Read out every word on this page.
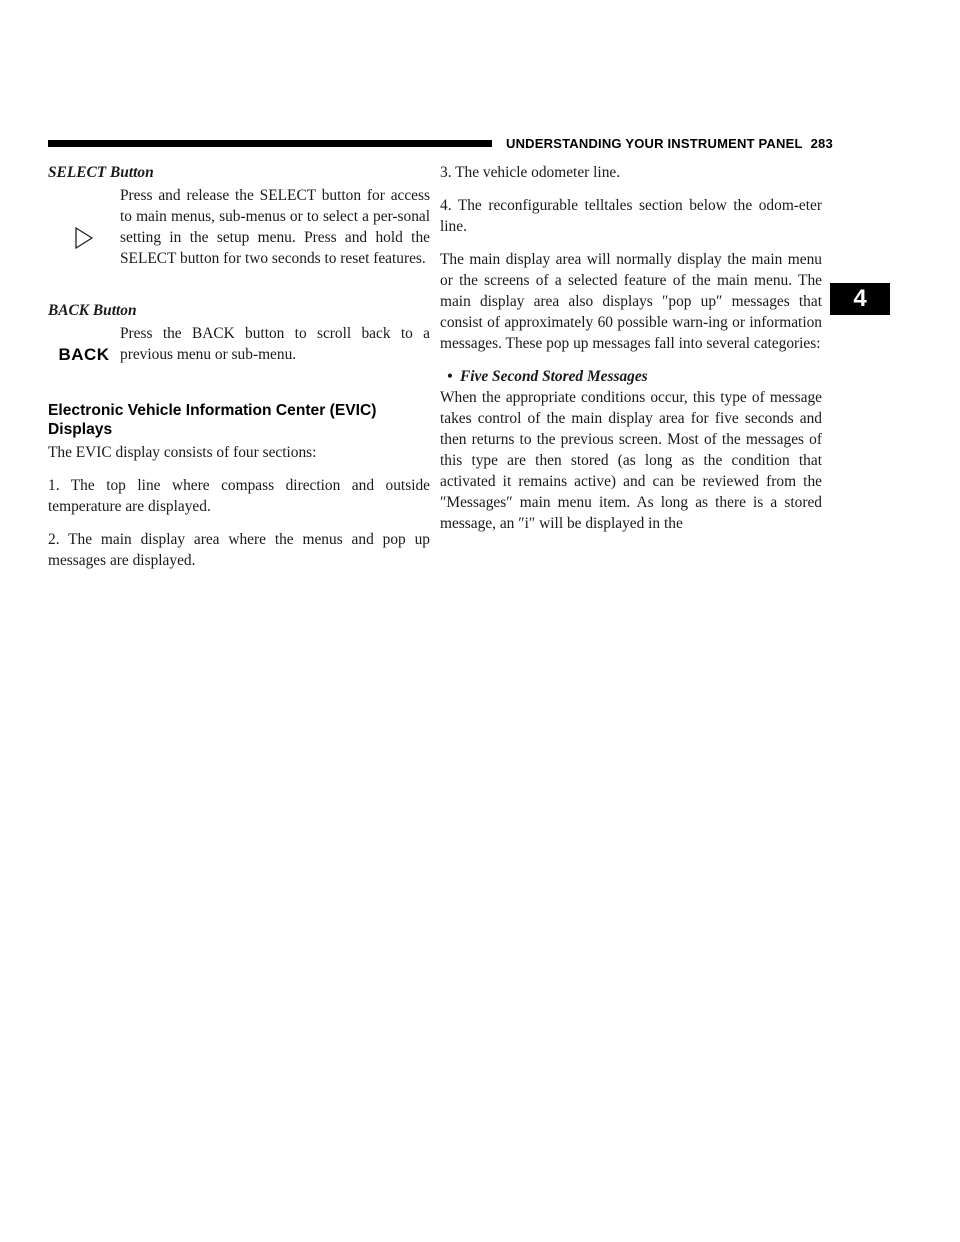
UNDERSTANDING YOUR INSTRUMENT PANEL 283
4
SELECT Button
Press and release the SELECT button for access to main menus, sub-menus or to select a per-sonal setting in the setup menu. Press and hold the SELECT button for two seconds to reset features.
BACK Button
BACK
Press the BACK button to scroll back to a previous menu or sub-menu.
Electronic Vehicle Information Center (EVIC) Displays

The EVIC display consists of four sections:

1. The top line where compass direction and outside temperature are displayed.

2. The main display area where the menus and pop up messages are displayed.

3. The vehicle odometer line.

4. The reconfigurable telltales section below the odom-eter line.

The main display area will normally display the main menu or the screens of a selected feature of the main menu. The main display area also displays ″pop up″ messages that consist of approximately 60 possible warn-ing or information messages. These pop up messages fall into several categories:

• Five Second Stored Messages

When the appropriate conditions occur, this type of message takes control of the main display area for five seconds and then returns to the previous screen. Most of the messages of this type are then stored (as long as the condition that activated it remains active) and can be reviewed from the ″Messages″ main menu item. As long as there is a stored message, an ″i″ will be displayed in the
